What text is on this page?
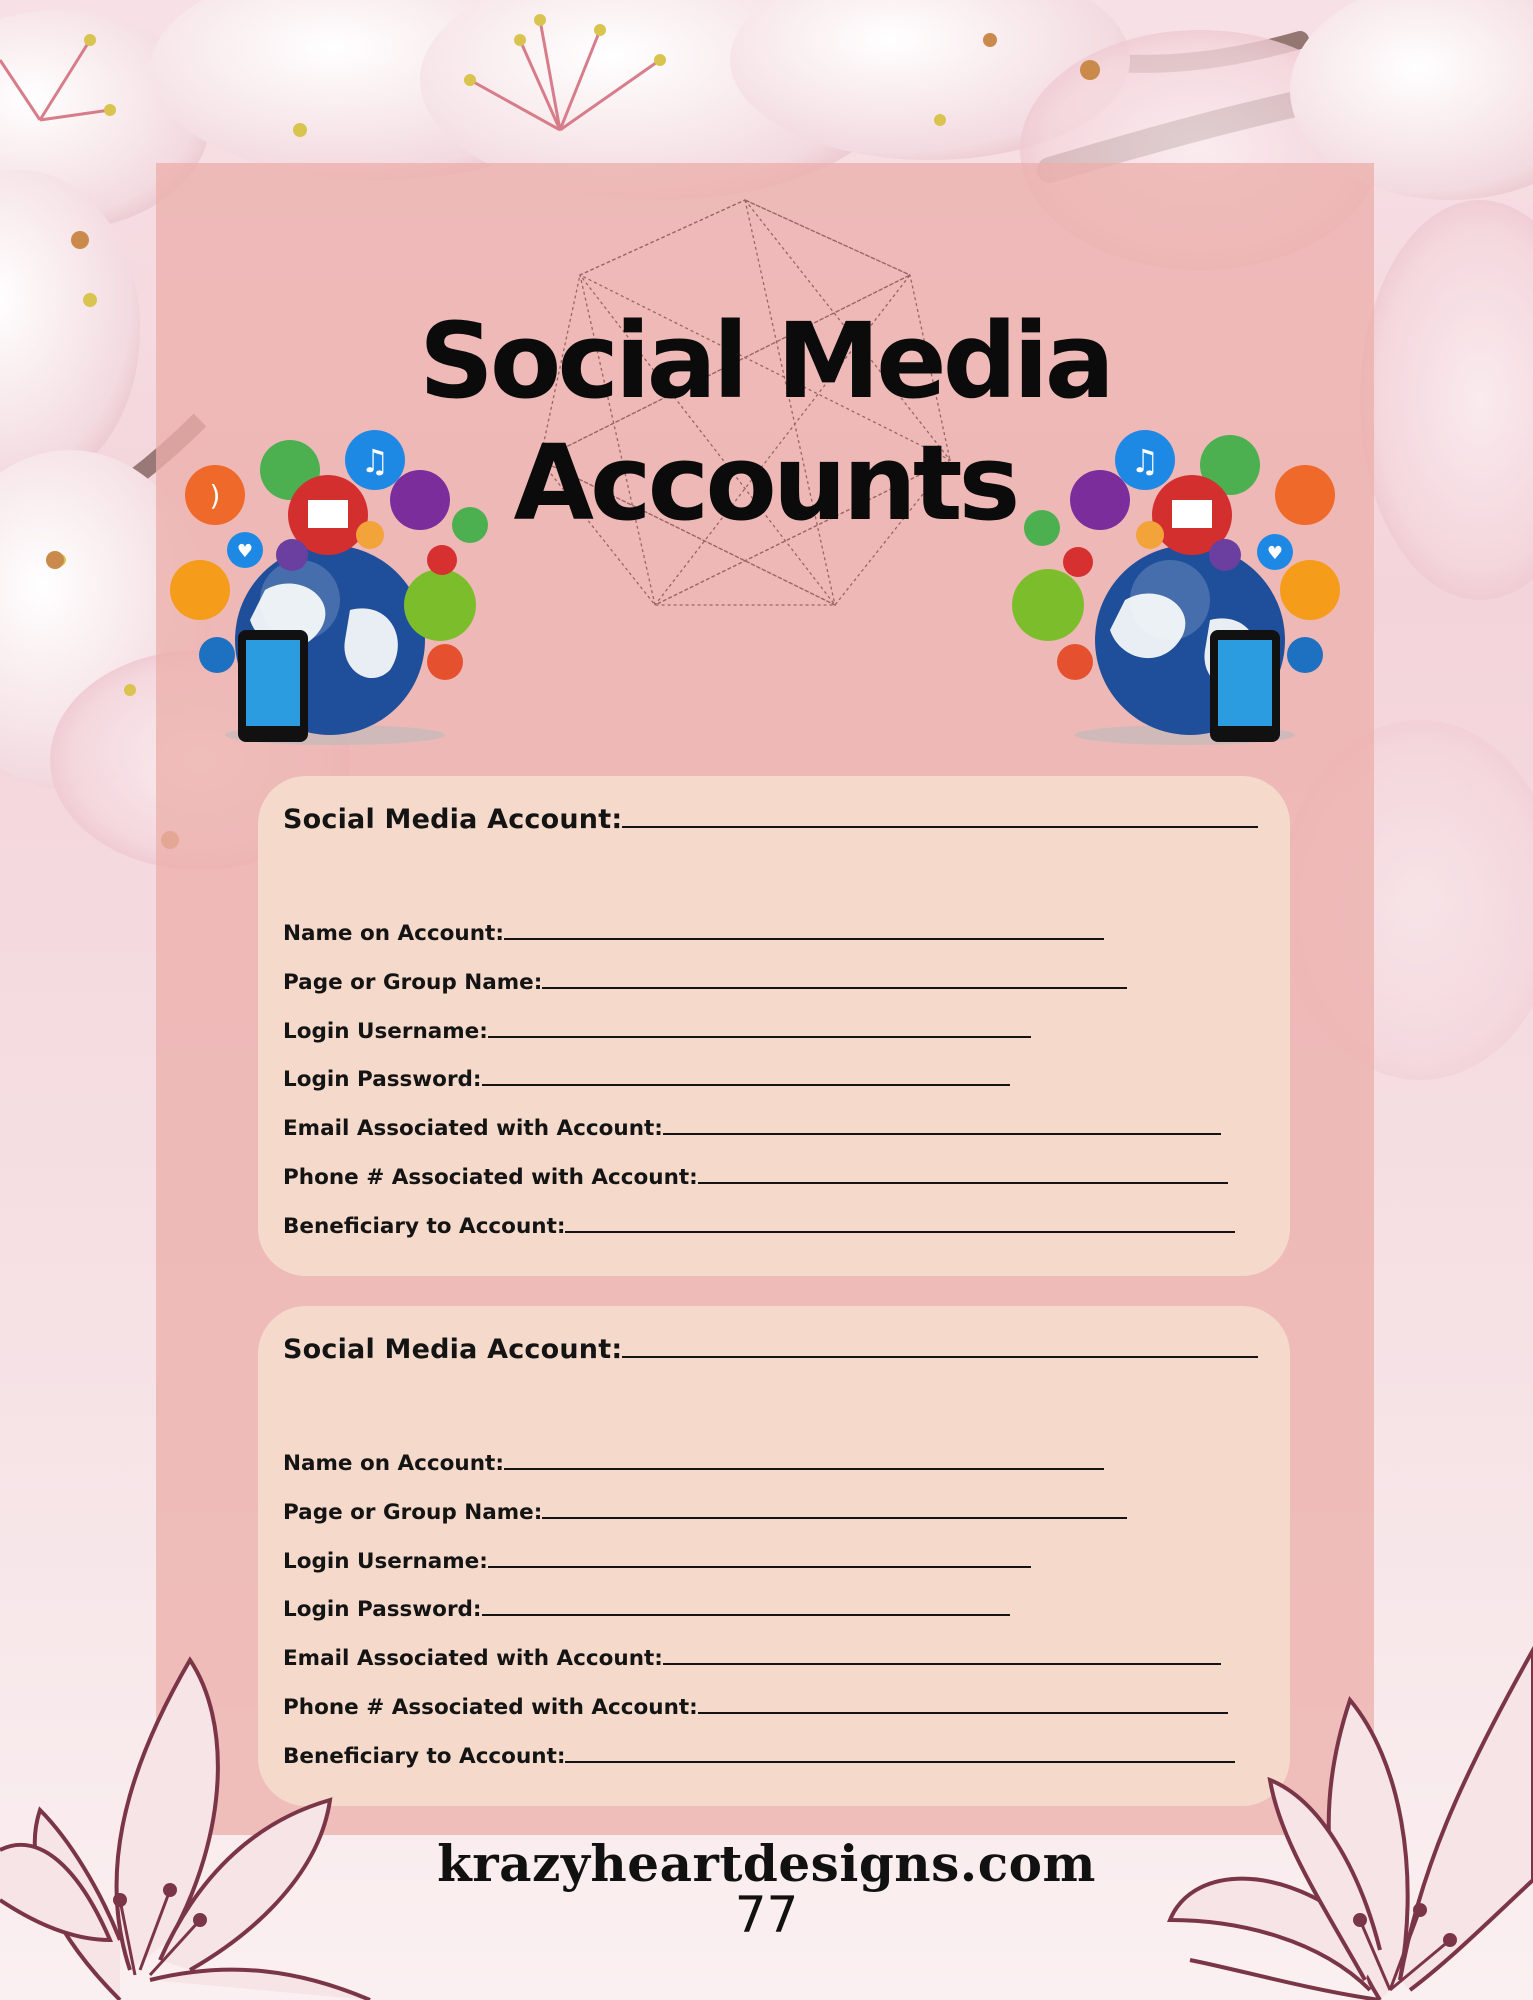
Social Media Accounts
)
♫
♥
♫
♥
Social Media Account:
Name on Account:
Page or Group Name:
Login Username:
Login Password:
Email Associated with Account:
Phone # Associated with Account:
Beneficiary to Account:
Social Media Account:
Name on Account:
Page or Group Name:
Login Username:
Login Password:
Email Associated with Account:
Phone # Associated with Account:
Beneficiary to Account:
krazyheartdesigns.com
77
